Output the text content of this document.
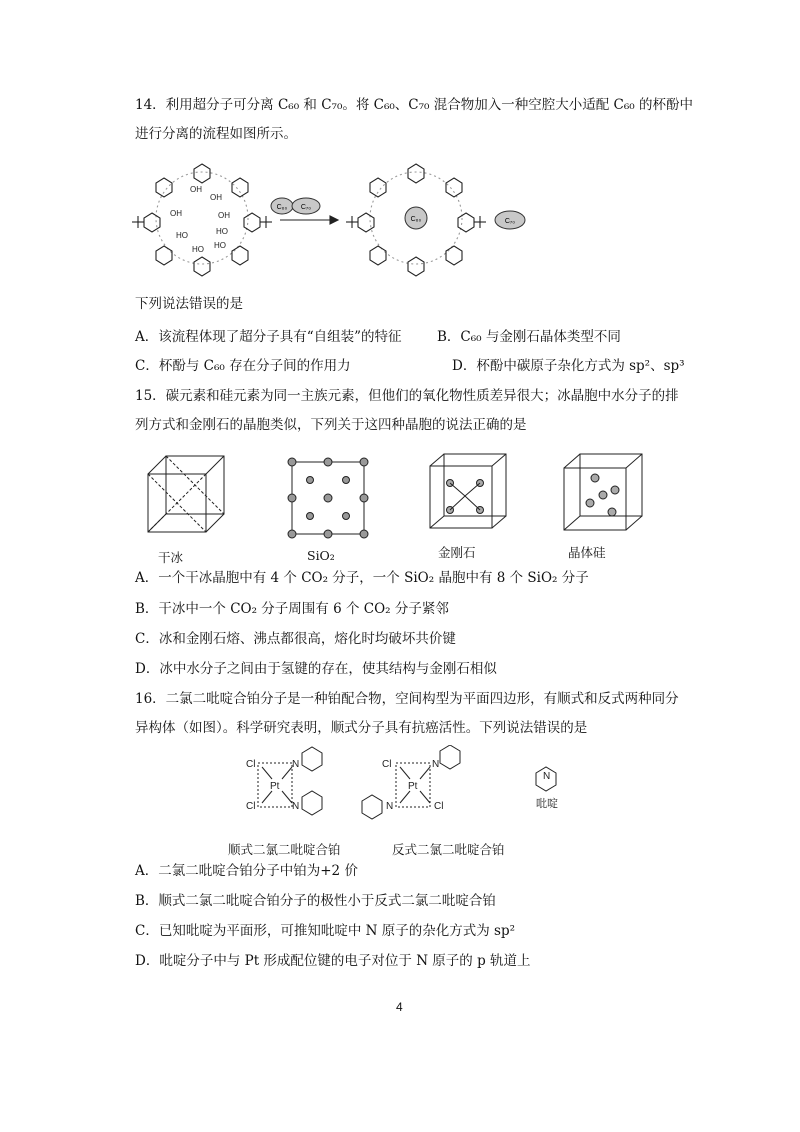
14．利用超分子可分离 C₆₀ 和 C₇₀。将 C₆₀、C₇₀ 混合物加入一种空腔大小适配 C₆₀ 的杯酚中
进行分离的流程如图所示。
OH
OH
OH
OH
HO
HO HO
HO
C₆₀ C₇₀
C₆₀	C₇₀
下列说法错误的是
A．该流程体现了超分子具有“自组装”的特征	B．C₆₀ 与金刚石晶体类型不同
C．杯酚与 C₆₀ 存在分子间的作用力	D．杯酚中碳原子杂化方式为 sp²、sp³
15．碳元素和硅元素为同一主族元素，但他们的氧化物性质差异很大；冰晶胞中水分子的排
列方式和金刚石的晶胞类似，下列关于这四种晶胞的说法正确的是
干冰	SiO₂	金刚石	晶体硅
A．一个干冰晶胞中有 4 个 CO₂ 分子，一个 SiO₂ 晶胞中有 8 个 SiO₂ 分子
B．干冰中一个 CO₂ 分子周围有 6 个 CO₂ 分子紧邻
C．冰和金刚石熔、沸点都很高，熔化时均破坏共价键
D．冰中水分子之间由于氢键的存在，使其结构与金刚石相似
16．二氯二吡啶合铂分子是一种铂配合物，空间构型为平面四边形，有顺式和反式两种同分
异构体（如图）。科学研究表明，顺式分子具有抗癌活性。下列说法错误的是
Cl
Cl
Pt
N
N
Cl
Cl
Pt
N
N
N
吡啶
顺式二氯二吡啶合铂	反式二氯二吡啶合铂
A．二氯二吡啶合铂分子中铂为+2 价
B．顺式二氯二吡啶合铂分子的极性小于反式二氯二吡啶合铂
C．已知吡啶为平面形，可推知吡啶中 N 原子的杂化方式为 sp²
D．吡啶分子中与 Pt 形成配位键的电子对位于 N 原子的 p 轨道上
4
